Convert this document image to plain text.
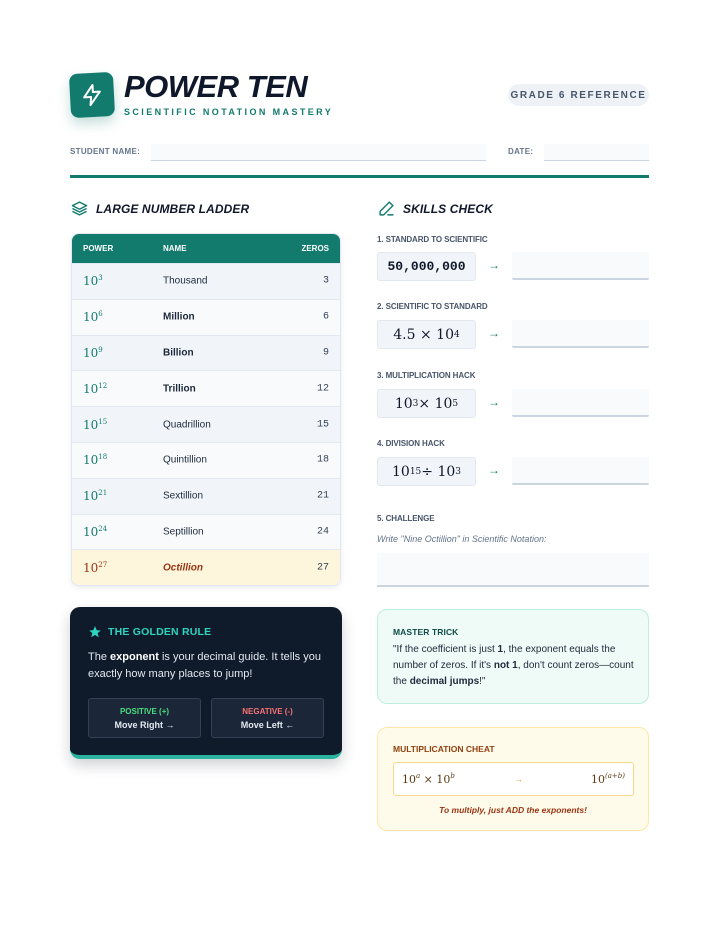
POWER TEN
SCIENTIFIC NOTATION MASTERY
GRADE 6 REFERENCE
STUDENT NAME:	DATE:
LARGE NUMBER LADDER
POWER	NAME	ZEROS
$10^3$	Thousand	3
$10^6$	Million	6
$10^9$	Billion	9
$10^{12}$	Trillion	12
$10^{15}$	Quadrillion	15
$10^{18}$	Quintillion	18
$10^{21}$	Sextillion	21
$10^{24}$	Septillion	24
$10^{27}$	Octillion	27
THE GOLDEN RULE
The exponent is your decimal guide. It tells you exactly how many places to jump!
POSITIVE (+)
Move Right →
NEGATIVE (-)
Move Left ←
SKILLS CHECK
1. STANDARD TO SCIENTIFIC
50,000,000	→
2. SCIENTIFIC TO STANDARD
4.5 × 10 4 →
3. MULTIPLICATION HACK
10 3 × 10 5 →
4. DIVISION HACK
10 15 ÷ 10 3 →
5. CHALLENGE
Write "Nine Octillion" in Scientific Notation:
MASTER TRICK
"If the coefficient is just 1, the exponent equals the number of zeros. If it's not 1, don't count zeros—count the decimal jumps!"
MULTIPLICATION CHEAT
$10^a \times 10^b$	→	$10^{(a+b)}$
To multiply, just ADD the exponents!
